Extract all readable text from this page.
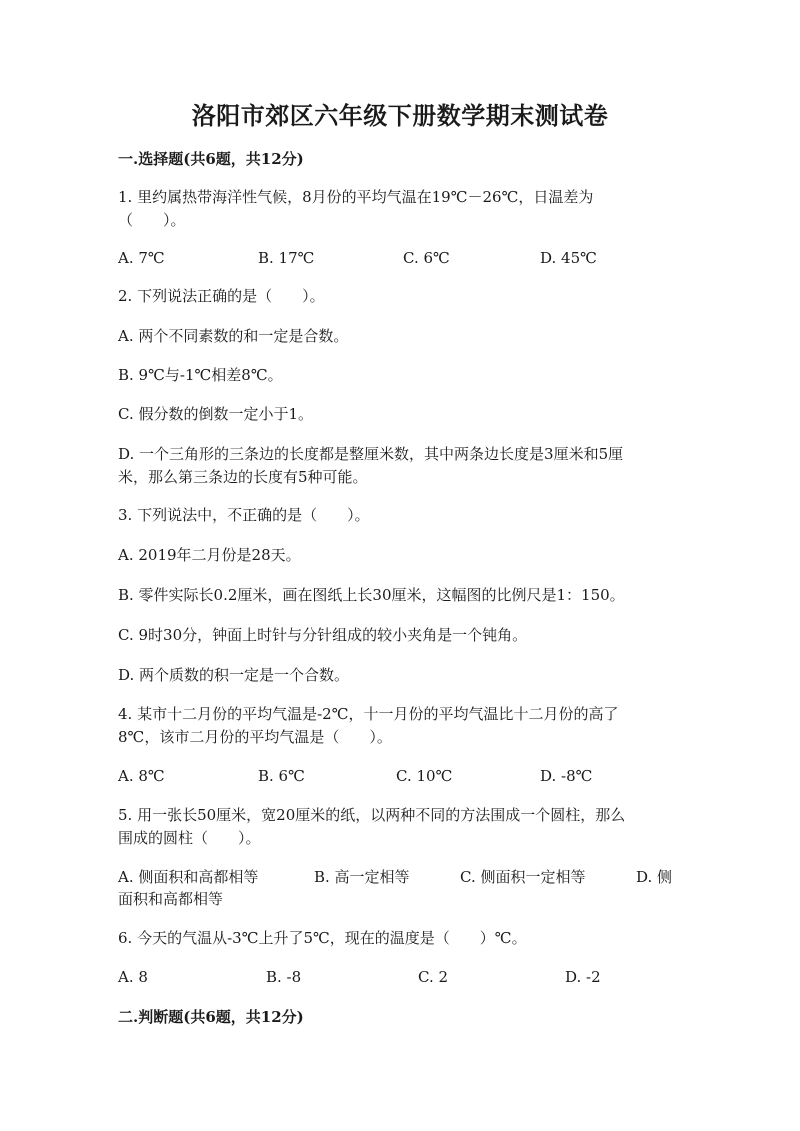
洛阳市郊区六年级下册数学期末测试卷
一.选择题(共6题，共12分)
1. 里约属热带海洋性气候，8月份的平均气温在19℃－26℃，日温差为
（　　）。
A. 7℃	B. 17℃	C. 6℃	D. 45℃
2. 下列说法正确的是（　　）。
A. 两个不同素数的和一定是合数。
B. 9℃与-1℃相差8℃。
C. 假分数的倒数一定小于1。
D. 一个三角形的三条边的长度都是整厘米数，其中两条边长度是3厘米和5厘
米，那么第三条边的长度有5种可能。
3. 下列说法中，不正确的是（　　）。
A. 2019年二月份是28天。
B. 零件实际长0.2厘米，画在图纸上长30厘米，这幅图的比例尺是1：150。
C. 9时30分，钟面上时针与分针组成的较小夹角是一个钝角。
D. 两个质数的积一定是一个合数。
4. 某市十二月份的平均气温是-2℃，十一月份的平均气温比十二月份的高了
8℃，该市二月份的平均气温是（　　）。
A. 8℃	B. 6℃	C. 10℃	D. -8℃
5. 用一张长50厘米，宽20厘米的纸，以两种不同的方法围成一个圆柱，那么
围成的圆柱（　　）。
A. 侧面积和高都相等	B. 高一定相等	C. 侧面积一定相等	D. 侧
面积和高都相等
6. 今天的气温从-3℃上升了5℃，现在的温度是（　　）℃。
A. 8	B. -8	C. 2	D. -2
二.判断题(共6题，共12分)
